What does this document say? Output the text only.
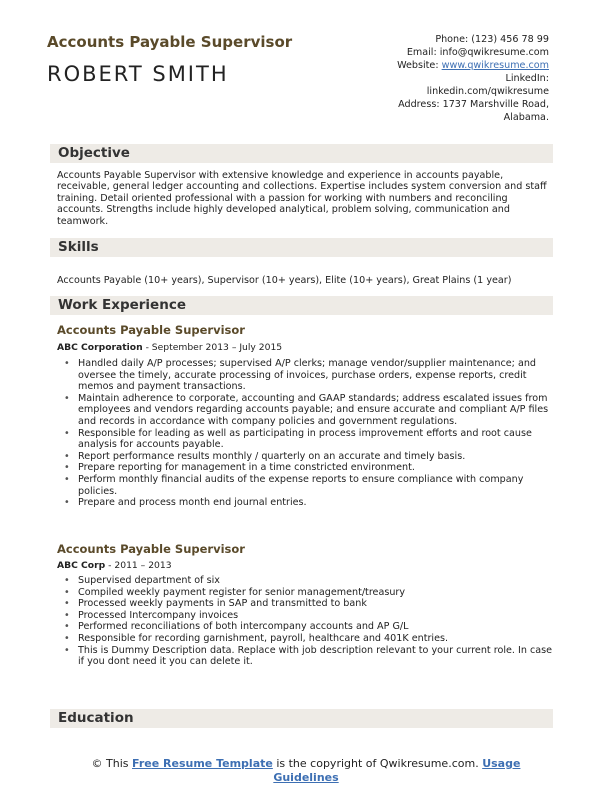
Accounts Payable Supervisor
ROBERT SMITH
Phone: (123) 456 78 99
Email: info@qwikresume.com
Website: www.qwikresume.com
LinkedIn:
linkedin.com/qwikresume
Address: 1737 Marshville Road,
Alabama.
Objective
Accounts Payable Supervisor with extensive knowledge and experience in accounts payable, receivable, general ledger accounting and collections. Expertise includes system conversion and staff training. Detail oriented professional with a passion for working with numbers and reconciling accounts. Strengths include highly developed analytical, problem solving, communication and teamwork.
Skills
Accounts Payable (10+ years), Supervisor (10+ years), Elite (10+ years), Great Plains (1 year)
Work Experience
Accounts Payable Supervisor
ABC Corporation - September 2013 – July 2015
• Handled daily A/P processes; supervised A/P clerks; manage vendor/supplier maintenance; and oversee the timely, accurate processing of invoices, purchase orders, expense reports, credit memos and payment transactions.
• Maintain adherence to corporate, accounting and GAAP standards; address escalated issues from employees and vendors regarding accounts payable; and ensure accurate and compliant A/P files and records in accordance with company policies and government regulations.
• Responsible for leading as well as participating in process improvement efforts and root cause analysis for accounts payable.
• Report performance results monthly / quarterly on an accurate and timely basis.
• Prepare reporting for management in a time constricted environment.
• Perform monthly financial audits of the expense reports to ensure compliance with company policies.
• Prepare and process month end journal entries.
Accounts Payable Supervisor
ABC Corp - 2011 – 2013
• Supervised department of six
• Compiled weekly payment register for senior management/treasury
• Processed weekly payments in SAP and transmitted to bank
• Processed Intercompany invoices
• Performed reconciliations of both intercompany accounts and AP G/L
• Responsible for recording garnishment, payroll, healthcare and 401K entries.
• This is Dummy Description data. Replace with job description relevant to your current role. In case if you dont need it you can delete it.
Education
© This Free Resume Template is the copyright of Qwikresume.com. Usage
Guidelines
